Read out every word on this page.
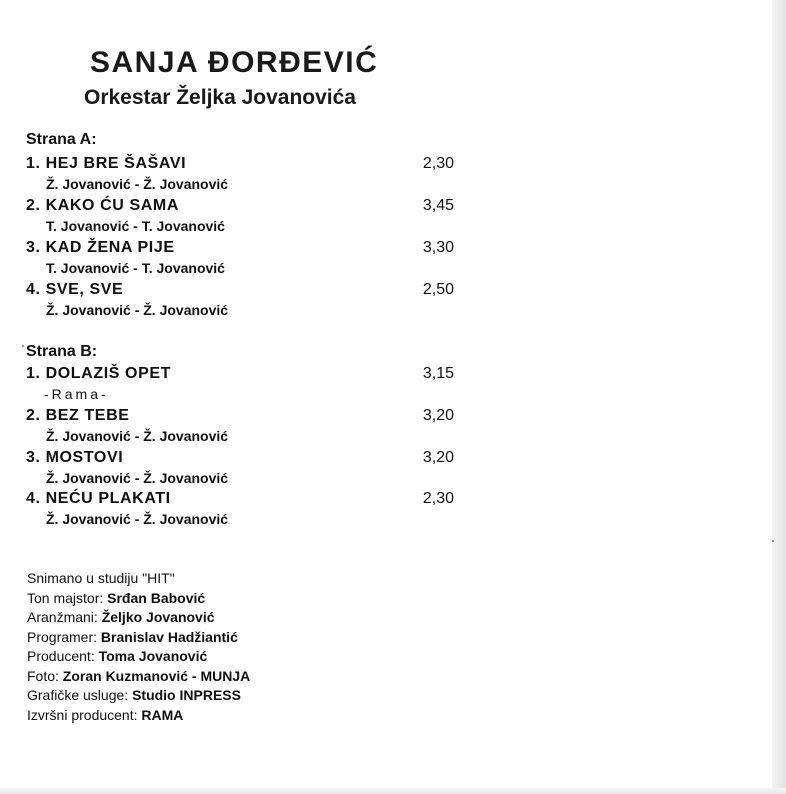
SANJA ĐORĐEVIĆ
Orkestar Željka Jovanovića
Strana A:
1. HEJ BRE ŠAŠAVI	2,30
Ž. Jovanović - Ž. Jovanović
2. KAKO ĆU SAMA	3,45
T. Jovanović - T. Jovanović
3. KAD ŽENA PIJE	3,30
T. Jovanović - T. Jovanović
4. SVE, SVE	2,50
Ž. Jovanović - Ž. Jovanović
Strana B:
1. DOLAZIŠ OPET	3,15
-Rama-
2. BEZ TEBE	3,20
Ž. Jovanović - Ž. Jovanović
3. MOSTOVI	3,20
Ž. Jovanović - Ž. Jovanović
4. NEĆU PLAKATI	2,30
Ž. Jovanović - Ž. Jovanović
Snimano u studiju "HIT"
Ton majstor: Srđan Babović
Aranžmani: Željko Jovanović
Programer: Branislav Hadžiantić
Producent: Toma Jovanović
Foto: Zoran Kuzmanović - MUNJA
Grafičke usluge: Studio INPRESS
Izvršni producent: RAMA
